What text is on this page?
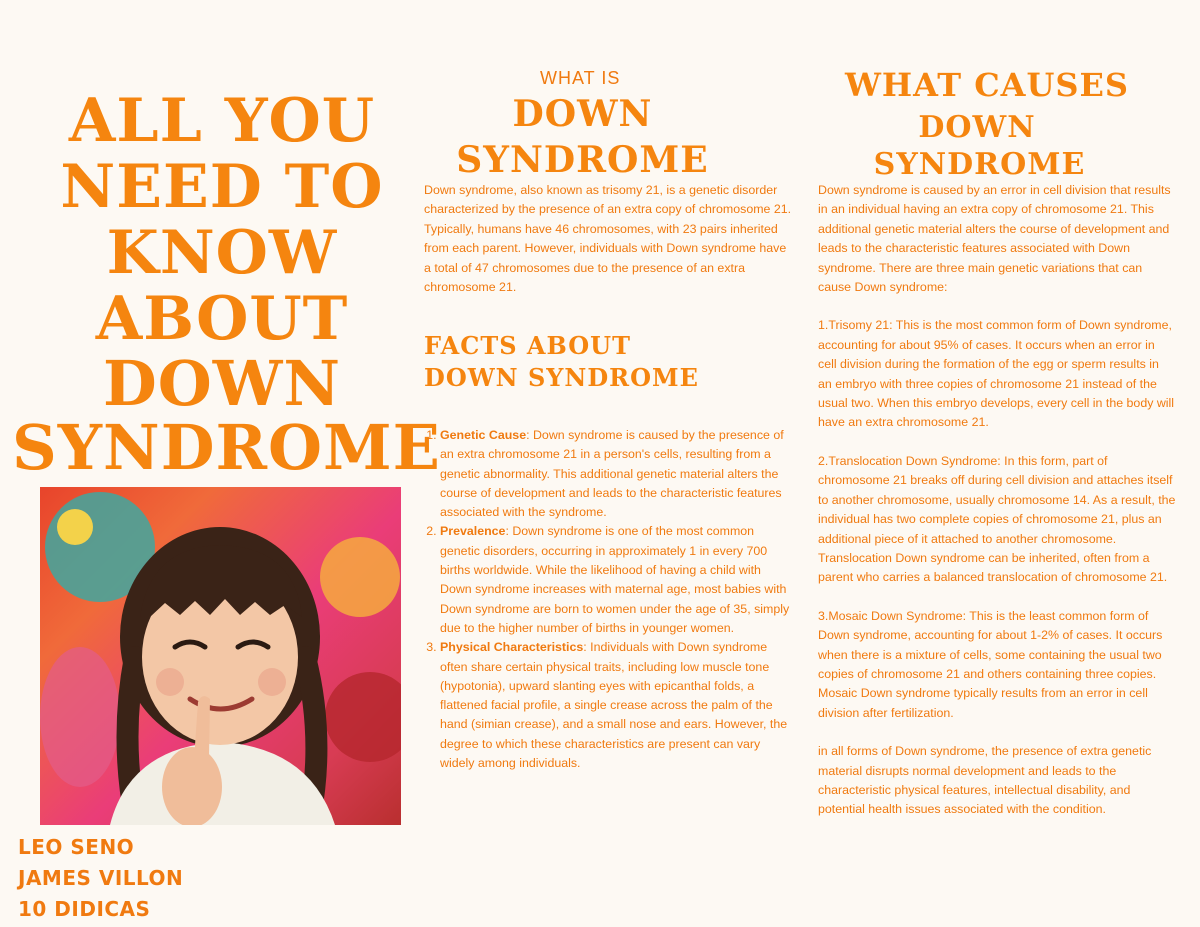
ALL YOU
NEED TO
KNOW
ABOUT
DOWN
SYNDROME
LEO SENO
JAMES VILLON
10 DIDICAS
WHAT IS
DOWN
SYNDROME

Down syndrome, also known as trisomy 21, is a genetic disorder characterized by the presence of an extra copy of chromosome 21. Typically, humans have 46 chromosomes, with 23 pairs inherited from each parent. However, individuals with Down syndrome have a total of 47 chromosomes due to the presence of an extra chromosome 21.

FACTS ABOUT
DOWN SYNDROME
1. Genetic Cause: Down syndrome is caused by the presence of an extra chromosome 21 in a person's cells, resulting from a genetic abnormality. This additional genetic material alters the course of development and leads to the characteristic features associated with the syndrome.
2. Prevalence: Down syndrome is one of the most common genetic disorders, occurring in approximately 1 in every 700 births worldwide. While the likelihood of having a child with Down syndrome increases with maternal age, most babies with Down syndrome are born to women under the age of 35, simply due to the higher number of births in younger women.
3. Physical Characteristics: Individuals with Down syndrome often share certain physical traits, including low muscle tone (hypotonia), upward slanting eyes with epicanthal folds, a flattened facial profile, a single crease across the palm of the hand (simian crease), and a small nose and ears. However, the degree to which these characteristics are present can vary widely among individuals.
WHAT CAUSES
DOWN
SYNDROME

Down syndrome is caused by an error in cell division that results in an individual having an extra copy of chromosome 21. This additional genetic material alters the course of development and leads to the characteristic features associated with Down syndrome. There are three main genetic variations that can cause Down syndrome:

1.Trisomy 21: This is the most common form of Down syndrome, accounting for about 95% of cases. It occurs when an error in cell division during the formation of the egg or sperm results in an embryo with three copies of chromosome 21 instead of the usual two. When this embryo develops, every cell in the body will have an extra chromosome 21.

2.Translocation Down Syndrome: In this form, part of chromosome 21 breaks off during cell division and attaches itself to another chromosome, usually chromosome 14. As a result, the individual has two complete copies of chromosome 21, plus an additional piece of it attached to another chromosome. Translocation Down syndrome can be inherited, often from a parent who carries a balanced translocation of chromosome 21.

3.Mosaic Down Syndrome: This is the least common form of Down syndrome, accounting for about 1-2% of cases. It occurs when there is a mixture of cells, some containing the usual two copies of chromosome 21 and others containing three copies. Mosaic Down syndrome typically results from an error in cell division after fertilization.

in all forms of Down syndrome, the presence of extra genetic material disrupts normal development and leads to the characteristic physical features, intellectual disability, and potential health issues associated with the condition.
